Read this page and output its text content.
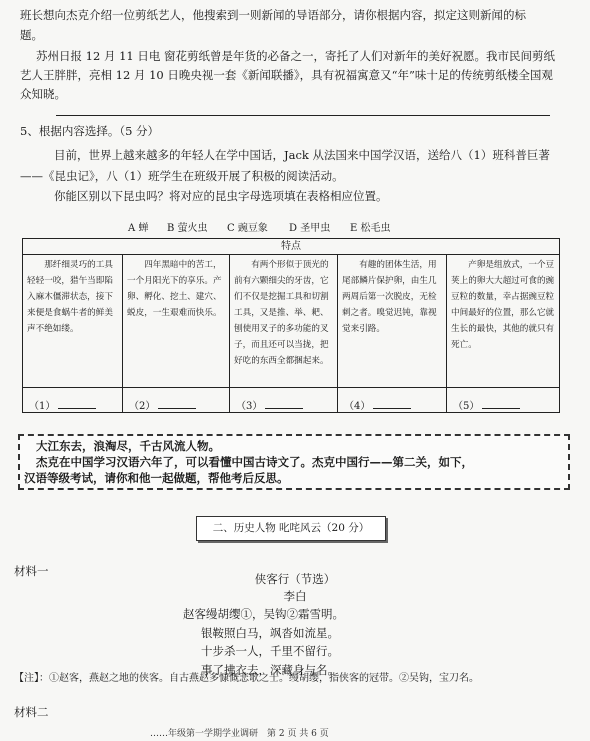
班长想向杰克介绍一位剪纸艺人，他搜索到一则新闻的导语部分，请你根据内容，拟定这则新闻的标
题。
苏州日报 12 月 11 日电 窗花剪纸曾是年货的必备之一，寄托了人们对新年的美好祝愿。我市民间剪纸
艺人王胖胖，亮相 12 月 10 日晚央视一套《新闻联播》，具有祝福寓意又“年”味十足的传统剪纸楼全国观
众知晓。
5、根据内容选择。（5 分）
目前，世界上越来越多的年轻人在学中国话，Jack 从法国来中国学汉语，送给八（1）班科普巨著
——《昆虫记》，八（1）班学生在班级开展了积极的阅读活动。
你能区别以下昆虫吗？将对应的昆虫字母选项填在表格相应位置。
A 蝉 B 萤火虫 C 豌豆象 D 圣甲虫 E 松毛虫
特点				

那纤细灵巧的工具轻轻一咬，猎午当即陷入麻木僵滞状态，接下来便是食蜗牛者的鲜美声不绝如缕。	四年黑暗中的苦工，一个月阳光下的享乐。产卵、孵化、挖土、建穴、蜕皮，一生艰难而快乐。	有两个形似于顶光的前有六颗细尖的牙齿，它们不仅是挖掘工具和切割工具，又是推、举、耙、刨使用叉子的多功能的叉子，而且还可以当拢，把好吃的东西全都捆起来。	有趣的团体生活，用尾部鳞片保护卵，由生几两周后第一次脱皮，无检刺之者。嗅觉迟钝，靠视觉来引路。	产卵是组放式，一个豆荚上的卵大大超过可食的豌豆粒的数量，幸占据豌豆粒中间最好的位置，那么它就生长的最快，其他的就只有死亡。

（1）	（2）	（3）	（4）	（5）
大江东去，浪淘尽，千古风流人物。
杰克在中国学习汉语六年了，可以看懂中国古诗文了。杰克中国行——第二关，如下，
汉语等级考试，请你和他一起做题，帮他考后反思。
二、历史人物 叱咤风云（20 分）
材料一
侠客行（节选）
李白
赵客缦胡缨①，吴钩②霜雪明。
银鞍照白马，飒沓如流星。
十步杀一人，千里不留行。
事了拂衣去，深藏身与名。
【注】：①赵客，燕赵之地的侠客。自古燕赵多慷慨悲歌之士。缦胡缨，指侠客的冠带。②吴钩，宝刀名。
材料二
……年级第一学期学业调研　第 2 页 共 6 页
